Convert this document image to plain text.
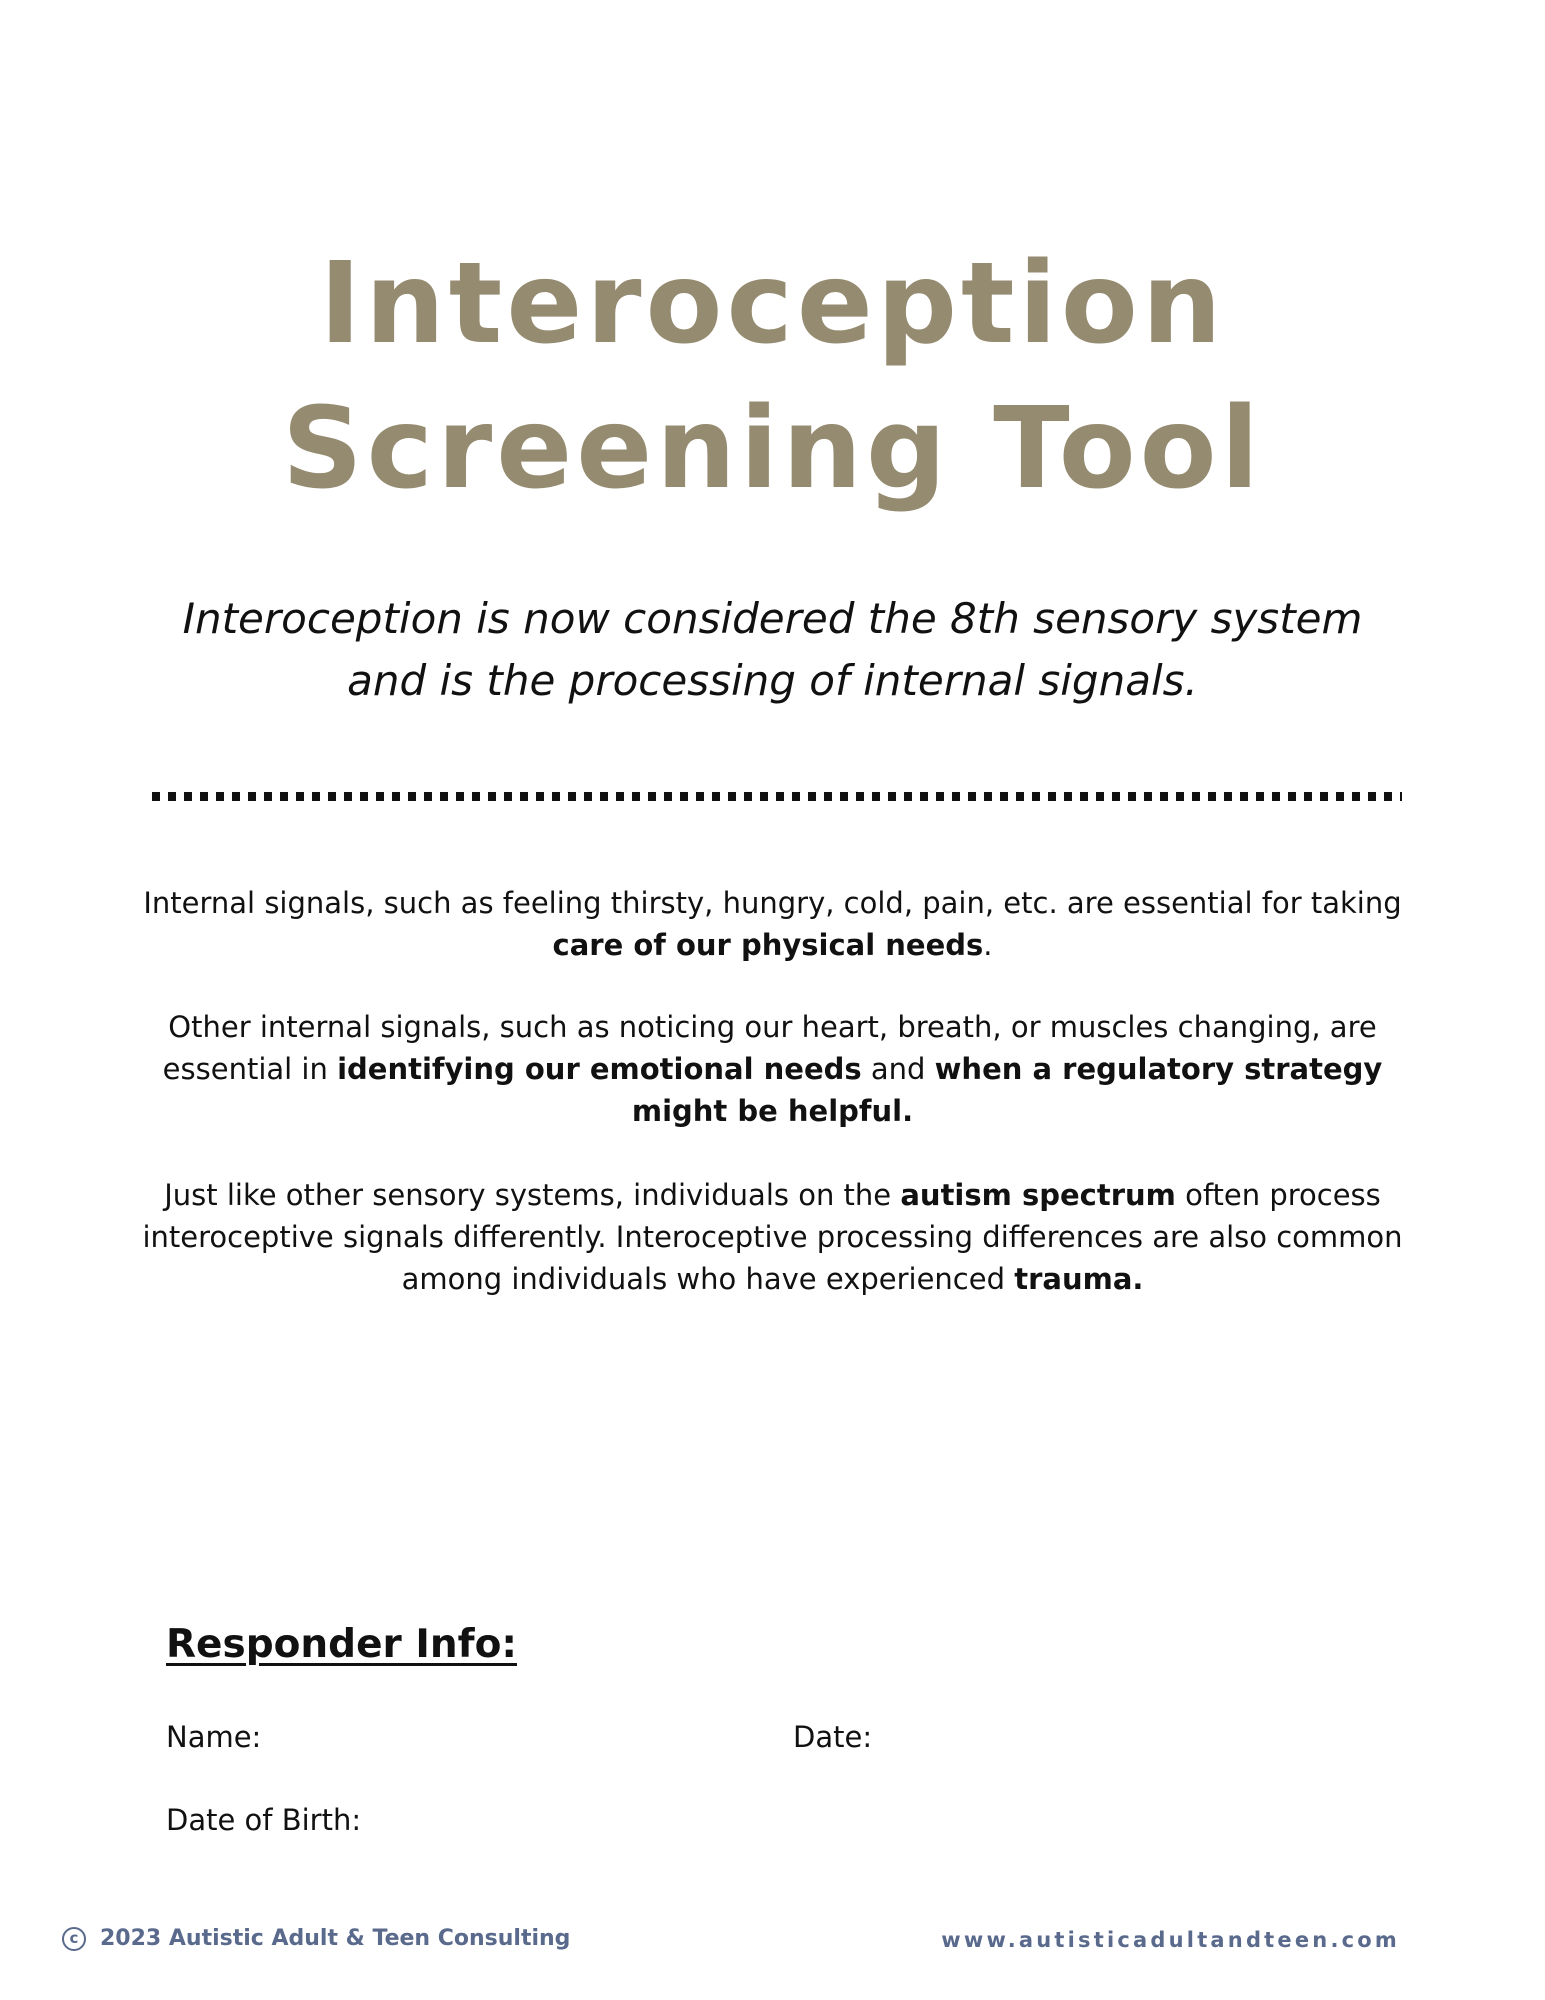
Interoception
Screening Tool

Interoception is now considered the 8th sensory system
and is the processing of internal signals.

Internal signals, such as feeling thirsty, hungry, cold, pain, etc. are essential for taking care of our physical needs.

Other internal signals, such as noticing our heart, breath, or muscles changing, are essential in identifying our emotional needs and when a regulatory strategy might be helpful.

Just like other sensory systems, individuals on the autism spectrum often process interoceptive signals differently. Interoceptive processing differences are also common among individuals who have experienced trauma.

Responder Info:
Name:	Date:
Date of Birth:
c 2023 Autistic Adult & Teen Consulting	www.autisticadultandteen.com
